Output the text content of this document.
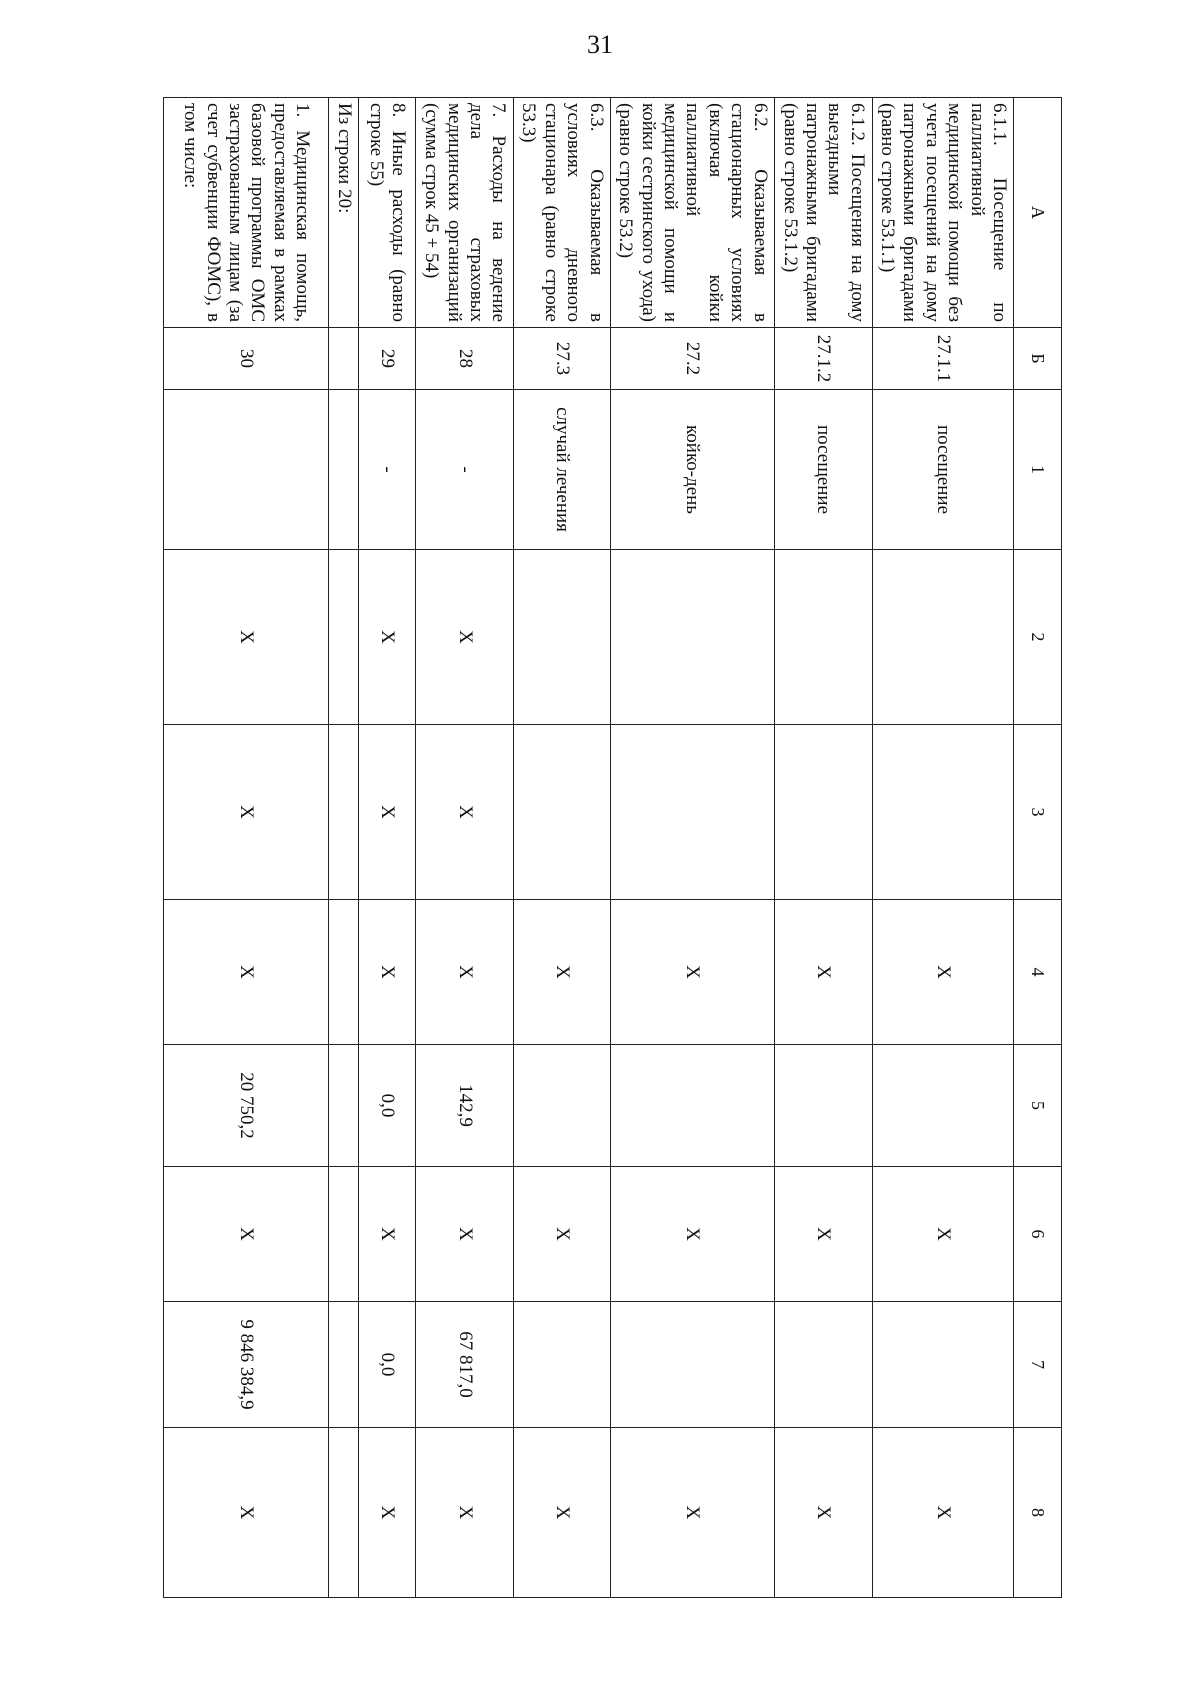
31
А	Б	1	2	3	4	5	6	7	8
6.1.1. Посещение по паллиативной медицинской помощи без учета посещений на дому патронажными бригадами (равно строке 53.1.1)	27.1.1	посещение			Х		Х		Х
6.1.2. Посещения на дому выездными патронажными бригадами (равно строке 53.1.2)	27.1.2	посещение			Х		Х		Х
6.2. Оказываемая в стационарных условиях (включая койки паллиативной медицинской помощи и койки сестринского ухода) (равно строке 53.2)	27.2	койко-день			Х		Х		Х
6.3. Оказываемая в условиях дневного стационара (равно строке 53.3)	27.3	случай лечения			Х		Х		Х
7. Расходы на ведение дела страховых медицинских организаций (сумма строк 45 + 54)	28	-	Х	Х	Х	142,9	Х	67 817,0	Х
8. Иные расходы (равно строке 55)	29	-	Х	Х	Х	0,0	Х	0,0	Х
Из строки 20:									
1. Медицинская помощь, предоставляемая в рамках базовой программы ОМС застрахованным лицам (за счет субвенции ФОМС), в том числе:	30		Х	Х	Х	20 750,2	Х	9 846 384,9	Х
